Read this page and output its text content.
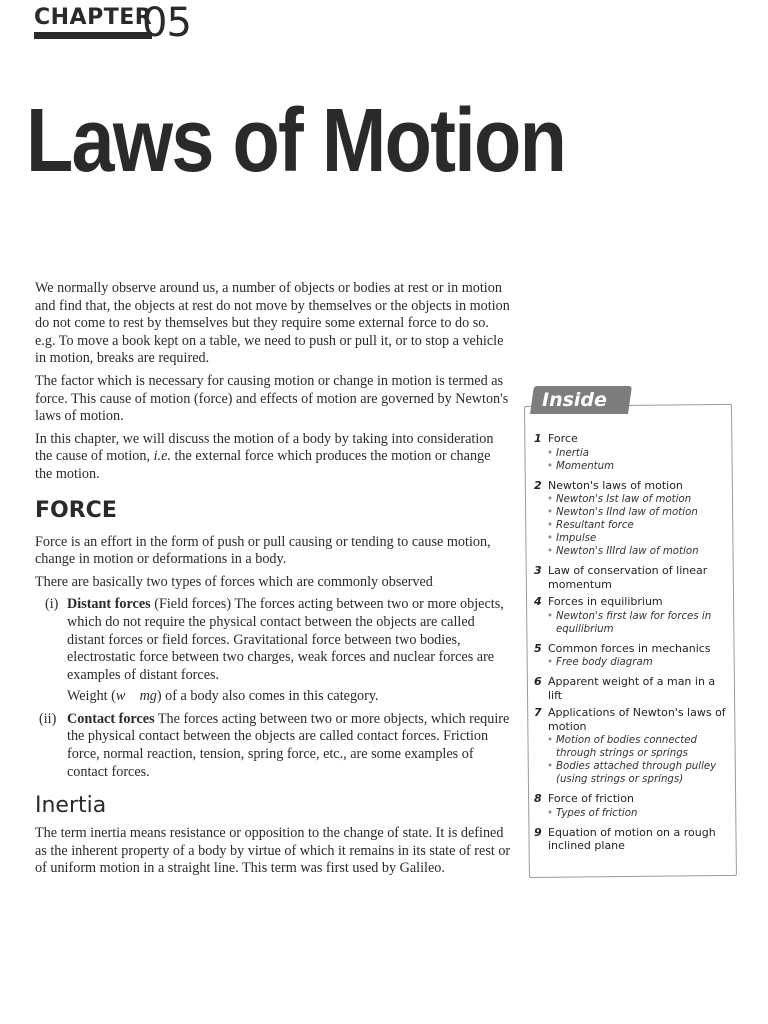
CHAPTER
05
Laws of Motion

We normally observe around us, a number of objects or bodies at rest or in motion and find that, the objects at rest do not move by themselves or the objects in motion do not come to rest by themselves but they require some external force to do so. e.g. To move a book kept on a table, we need to push or pull it, or to stop a vehicle in motion, breaks are required.

The factor which is necessary for causing motion or change in motion is termed as force. This cause of motion (force) and effects of motion are governed by Newton's laws of motion.

In this chapter, we will discuss the motion of a body by taking into consideration the cause of motion, i.e. the external force which produces the motion or change the motion.

FORCE

Force is an effort in the form of push or pull causing or tending to cause motion, change in motion or deformations in a body.

There are basically two types of forces which are commonly observed

(i) Distant forces (Field forces) The forces acting between two or more objects, which do not require the physical contact between the objects are called distant forces or field forces. Gravitational force between two bodies, electrostatic force between two charges, weak forces and nuclear forces are examples of distant forces.
Weight (w mg) of a body also comes in this category.
(ii) Contact forces The forces acting between two or more objects, which require the physical contact between the objects are called contact forces. Friction force, normal reaction, tension, spring force, etc., are some examples of contact forces.
Inertia

The term inertia means resistance or opposition to the change of state. It is defined as the inherent property of a body by virtue of which it remains in its state of rest or of uniform motion in a straight line. This term was first used by Galileo.

Inside
1 Force
• Inertia
• Momentum
2 Newton's laws of motion
• Newton's Ist law of motion
• Newton's IInd law of motion
• Resultant force
• Impulse
• Newton's IIIrd law of motion
3 Law of conservation of linear momentum
4 Forces in equilibrium
• Newton's first law for forces in equilibrium
5 Common forces in mechanics
• Free body diagram
6 Apparent weight of a man in a lift
7 Applications of Newton's laws of motion
• Motion of bodies connected through strings or springs
• Bodies attached through pulley (using strings or springs)
8 Force of friction
• Types of friction
9 Equation of motion on a rough inclined plane
